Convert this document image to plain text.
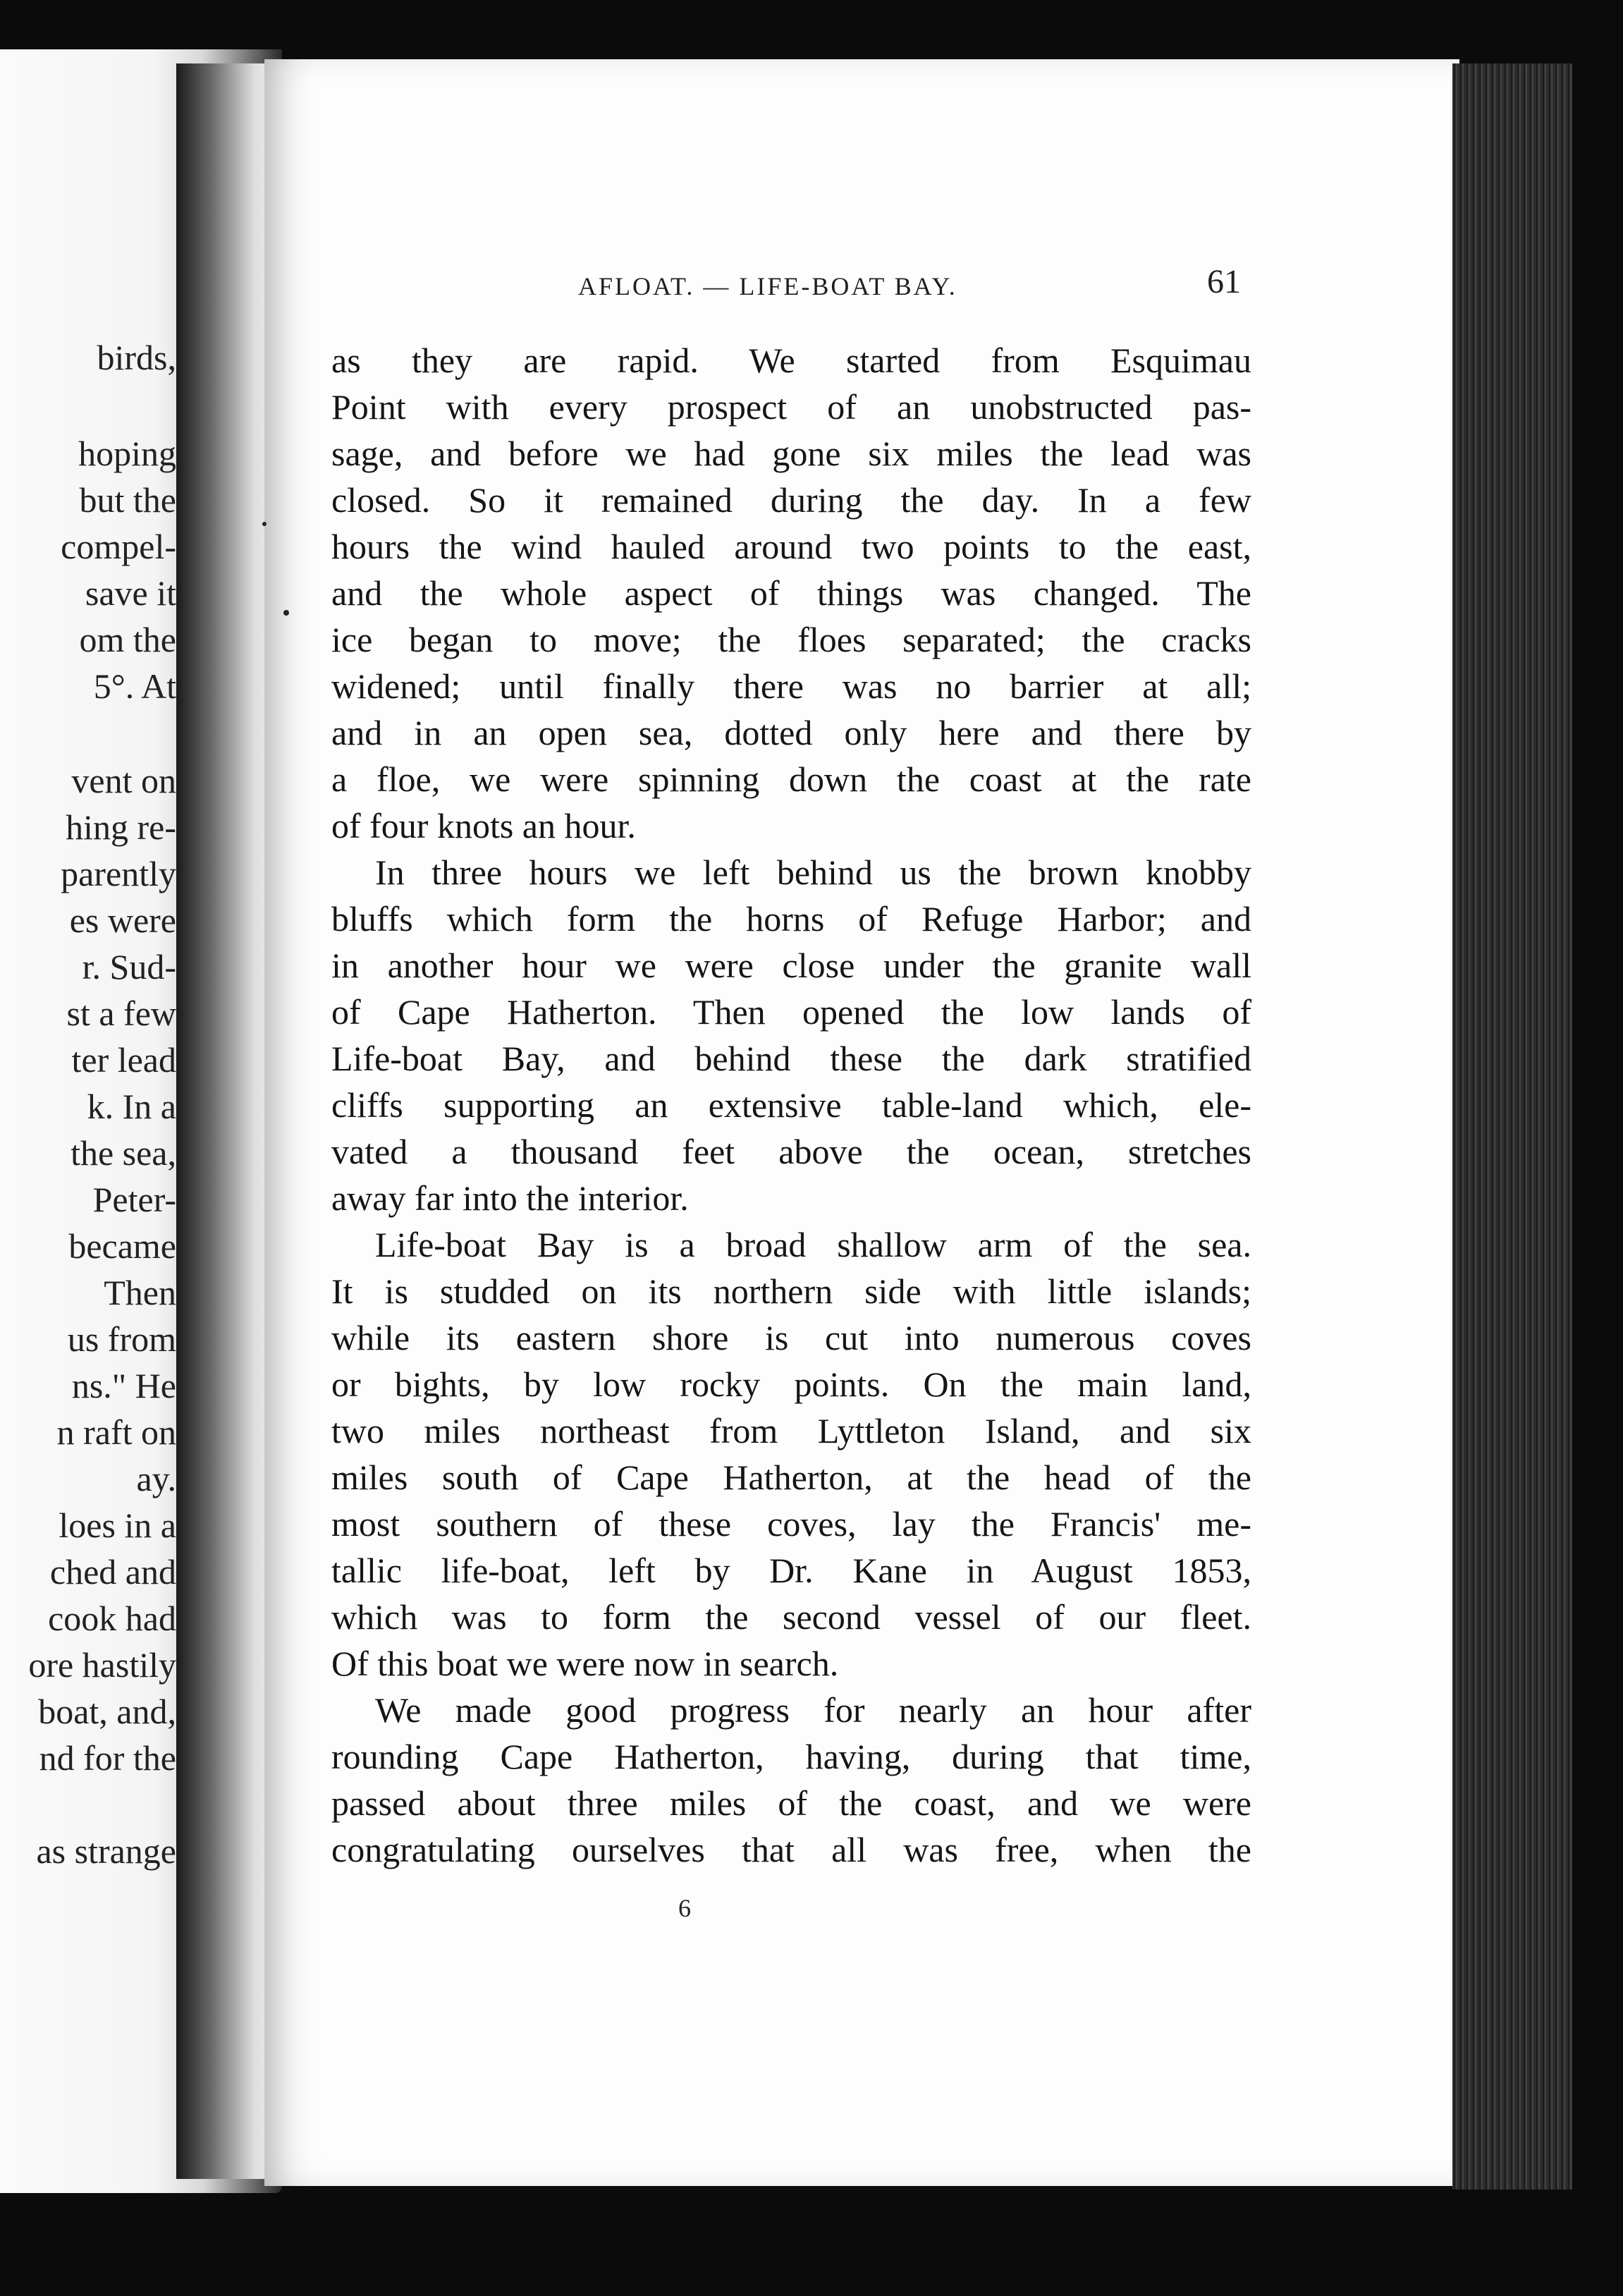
birds,
hoping
but the
compel-
save it
om the
5°. At
vent on
hing re-
parently
es were
r. Sud-
st a few
ter lead
k. In a
the sea,
Peter-
became
Then
us from
ns." He
n raft on
ay.
loes in a
ched and
cook had
ore hastily
boat, and,
nd for the
as strange
AFLOAT. — LIFE-BOAT BAY.	61
as they are rapid. We started from Esquimau
Point with every prospect of an unobstructed pas-
sage, and before we had gone six miles the lead was
closed. So it remained during the day. In a few
hours the wind hauled around two points to the east,
and the whole aspect of things was changed. The
ice began to move; the floes separated; the cracks
widened; until finally there was no barrier at all;
and in an open sea, dotted only here and there by
a floe, we were spinning down the coast at the rate
of four knots an hour.
In three hours we left behind us the brown knobby
bluffs which form the horns of Refuge Harbor; and
in another hour we were close under the granite wall
of Cape Hatherton. Then opened the low lands of
Life-boat Bay, and behind these the dark stratified
cliffs supporting an extensive table-land which, ele-
vated a thousand feet above the ocean, stretches
away far into the interior.
Life-boat Bay is a broad shallow arm of the sea.
It is studded on its northern side with little islands;
while its eastern shore is cut into numerous coves
or bights, by low rocky points. On the main land,
two miles northeast from Lyttleton Island, and six
miles south of Cape Hatherton, at the head of the
most southern of these coves, lay the Francis' me-
tallic life-boat, left by Dr. Kane in August 1853,
which was to form the second vessel of our fleet.
Of this boat we were now in search.
We made good progress for nearly an hour after
rounding Cape Hatherton, having, during that time,
passed about three miles of the coast, and we were
congratulating ourselves that all was free, when the
6
